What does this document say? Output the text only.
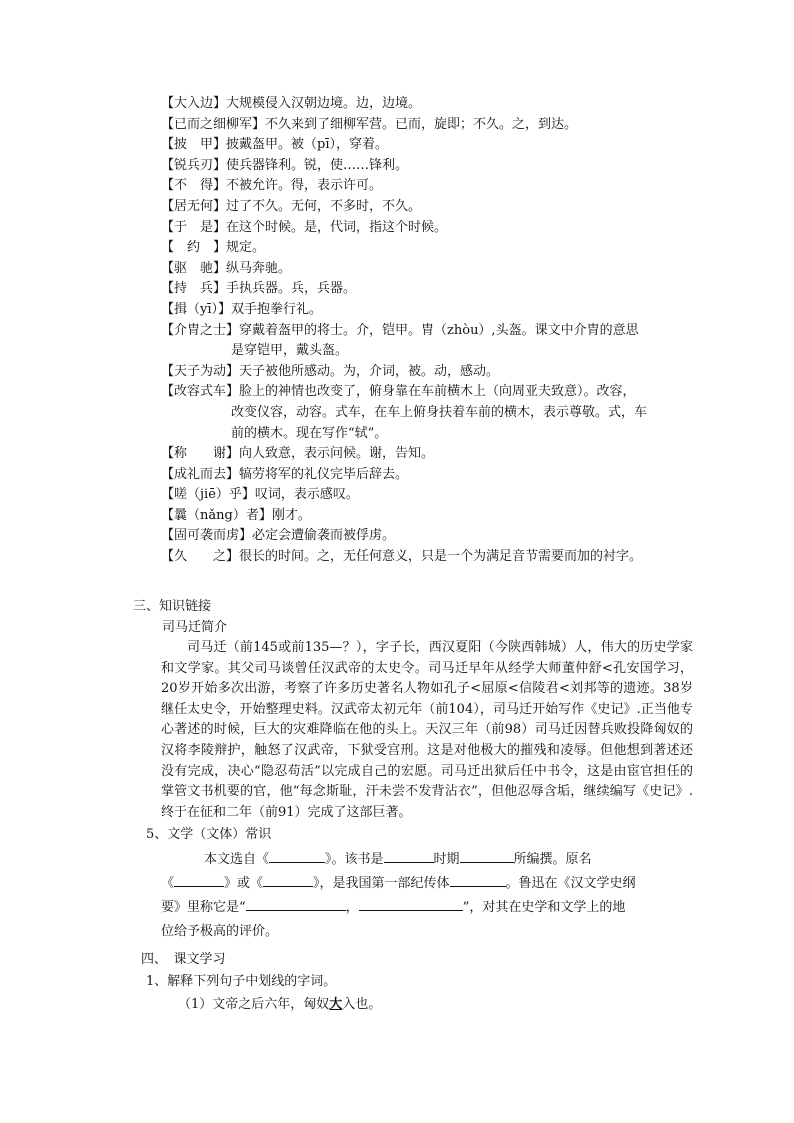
【大入边】大规模侵入汉朝边境。边，边境。
【已而之细柳军】不久来到了细柳军营。已而，旋即；不久。之，到达。
【披　甲】披戴盔甲。被（pī），穿着。
【锐兵刃】使兵器锋利。锐，使……锋利。
【不　得】不被允许。得，表示许可。
【居无何】过了不久。无何，不多时，不久。
【于　是】在这个时候。是，代词，指这个时候。
【　约　】规定。
【驱　驰】纵马奔驰。
【持　兵】手执兵器。兵，兵器。
【揖（yī）】双手抱拳行礼。
【介胄之士】穿戴着盔甲的将士。介，铠甲。胄（zhòu）,头盔。课文中介胄的意思
是穿铠甲，戴头盔。
【天子为动】天子被他所感动。为，介词，被。动，感动。
【改容式车】脸上的神情也改变了，俯身靠在车前横木上（向周亚夫致意）。改容，
改变仪容，动容。式车，在车上俯身扶着车前的横木，表示尊敬。式，车
前的横木。现在写作“轼”。
【称　　谢】向人致意，表示问候。谢，告知。
【成礼而去】犒劳将军的礼仪完毕后辞去。
【嗟（jiē）乎】叹词，表示感叹。
【曩（nǎng）者】刚才。
【固可袭而虏】必定会遭偷袭而被俘虏。
【久　　之】很长的时间。之，无任何意义，只是一个为满足音节需要而加的衬字。
三、知识链接
司马迁简介
司马迁（前145或前135—？），字子长，西汉夏阳（今陕西韩城）人，伟大的历史学家和文学家。其父司马谈曾任汉武帝的太史令。司马迁早年从经学大师董仲舒<孔安国学习，20岁开始多次出游，考察了许多历史著名人物如孔子<屈原<信陵君<刘邦等的遗迹。38岁继任太史令，开始整理史料。汉武帝太初元年（前104），司马迁开始写作《史记》.正当他专心著述的时候，巨大的灾难降临在他的头上。天汉三年（前98）司马迁因替兵败投降匈奴的汉将李陵辩护，触怒了汉武帝，下狱受宫刑。这是对他极大的摧残和凌辱。但他想到著述还没有完成，决心“隐忍苟活”以完成自己的宏愿。司马迁出狱后任中书令，这是由宦官担任的掌管文书机要的官，他“每念斯耻，汗未尝不发背沾衣”，但他忍辱含垢，继续编写《史记》.终于在征和二年（前91）完成了这部巨著。
5、文学（文体）常识
本文选自《	》。该书是	时期	所编撰。原名
《	》或《	》，是我国第一部纪传体	。鲁迅在《汉文学史纲
要》里称它是“	，	”，对其在史学和文学上的地
位给予极高的评价。
四、　课文学习
1、解释下列句子中划线的字词。
（1）文帝之后六年，匈奴大入也。
